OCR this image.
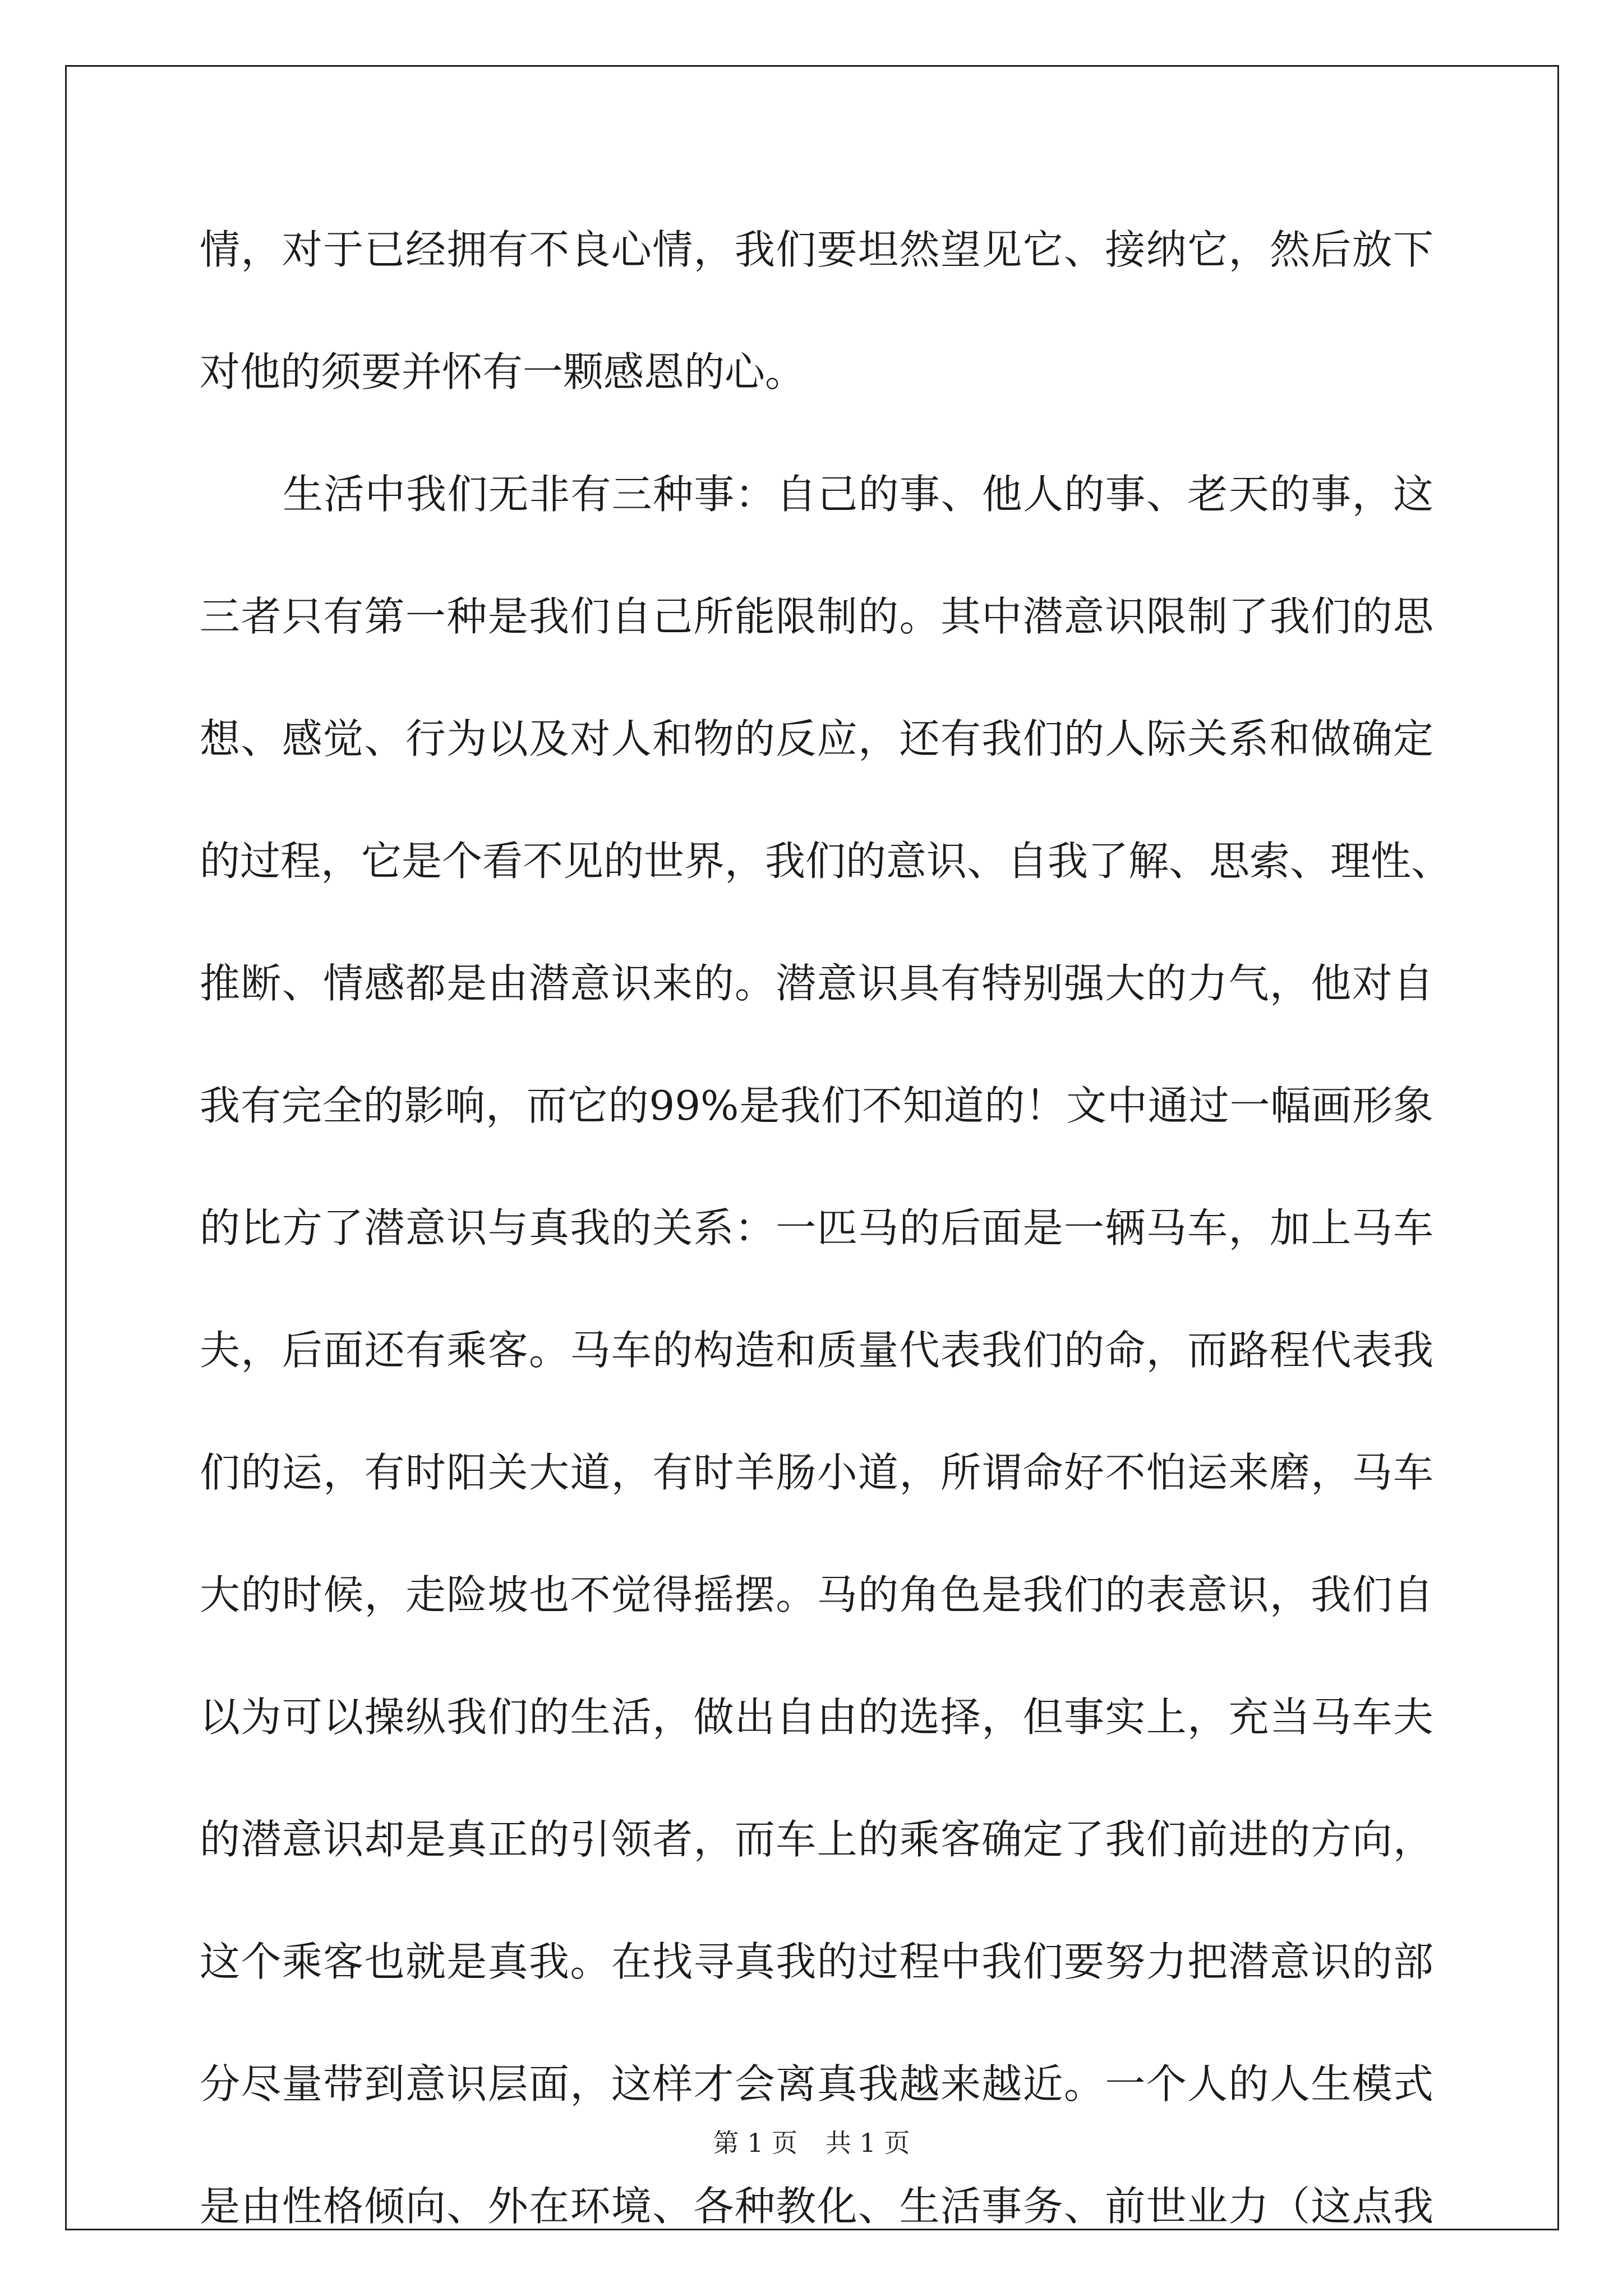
情，对于已经拥有不良心情，我们要坦然望见它、接纳它，然后放下
对他的须要并怀有一颗感恩的心。
生活中我们无非有三种事：自己的事、他人的事、老天的事，这
三者只有第一种是我们自己所能限制的。其中潜意识限制了我们的思
想、感觉、行为以及对人和物的反应，还有我们的人际关系和做确定
的过程，它是个看不见的世界，我们的意识、自我了解、思索、理性、
推断、情感都是由潜意识来的。潜意识具有特别强大的力气，他对自
我有完全的影响，而它的99%是我们不知道的！文中通过一幅画形象
的比方了潜意识与真我的关系：一匹马的后面是一辆马车，加上马车
夫，后面还有乘客。马车的构造和质量代表我们的命，而路程代表我
们的运，有时阳关大道，有时羊肠小道，所谓命好不怕运来磨，马车
大的时候，走险坡也不觉得摇摆。马的角色是我们的表意识，我们自
以为可以操纵我们的生活，做出自由的选择，但事实上，充当马车夫
的潜意识却是真正的引领者，而车上的乘客确定了我们前进的方向，
这个乘客也就是真我。在找寻真我的过程中我们要努力把潜意识的部
分尽量带到意识层面，这样才会离真我越来越近。一个人的人生模式
是由性格倾向、外在环境、各种教化、生活事务、前世业力（这点我
第 1 页 共 1 页
